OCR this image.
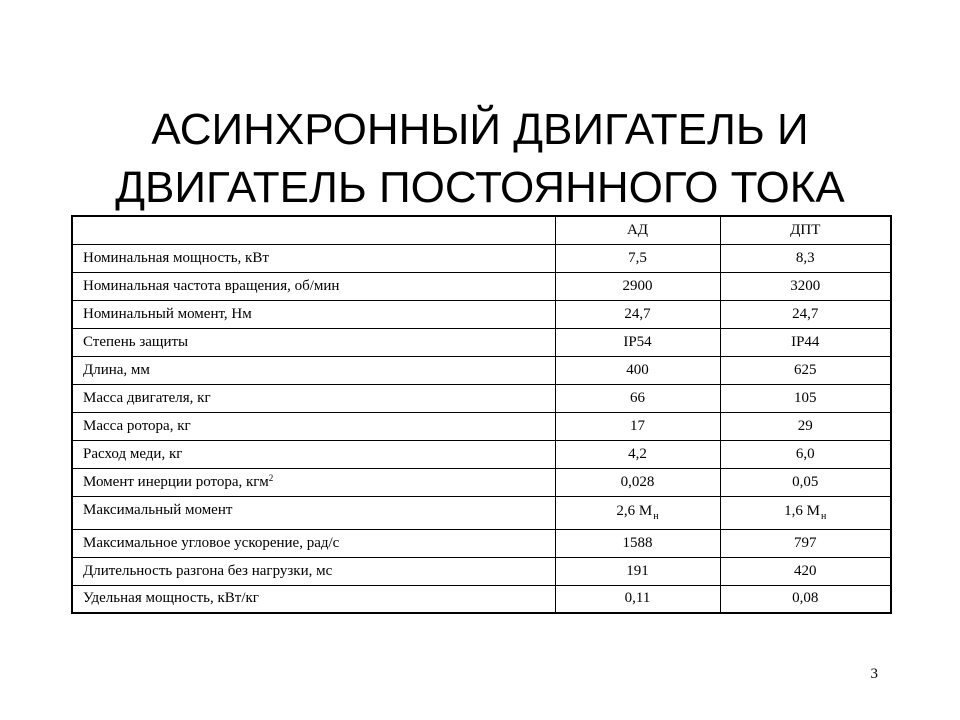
АСИНХРОННЫЙ ДВИГАТЕЛЬ И
ДВИГАТЕЛЬ ПОСТОЯННОГО ТОКА
	АД	ДПТ
Номинальная мощность, кВт	7,5	8,3
Номинальная частота вращения, об/мин	2900	3200
Номинальный момент, Нм	24,7	24,7
Степень защиты	IP54	IP44
Длина, мм	400	625
Масса двигателя, кг	66	105
Масса ротора, кг	17	29
Расход меди, кг	4,2	6,0
Момент инерции ротора, кгм$^2$	0,028	0,05
Максимальный момент	2,6 $М_н$	1,6 $М_н$
Максимальное угловое ускорение, рад/с	1588	797
Длительность разгона без нагрузки, мс	191	420
Удельная мощность, кВт/кг	0,11	0,08
3
